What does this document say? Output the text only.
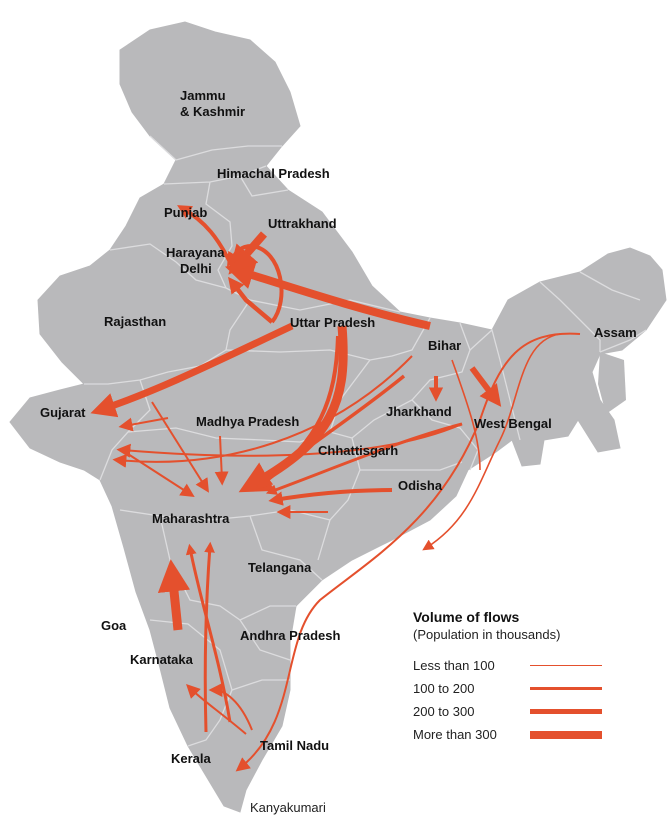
Jammu
& Kashmir
Himachal Pradesh
Punjab
Uttrakhand
Harayana
Delhi
Rajasthan	Uttar Pradesh
Bihar
Assam
Gujarat
Madhya Pradesh
Jharkhand
West Bengal
Chhattisgarh
Odisha
Maharashtra
Telangana
Goa
Andhra Pradesh
Karnataka
Kerala
Tamil Nadu
Kanyakumari
Volume of flows
(Population in thousands)
Less than 100
100 to 200
200 to 300
More than 300
